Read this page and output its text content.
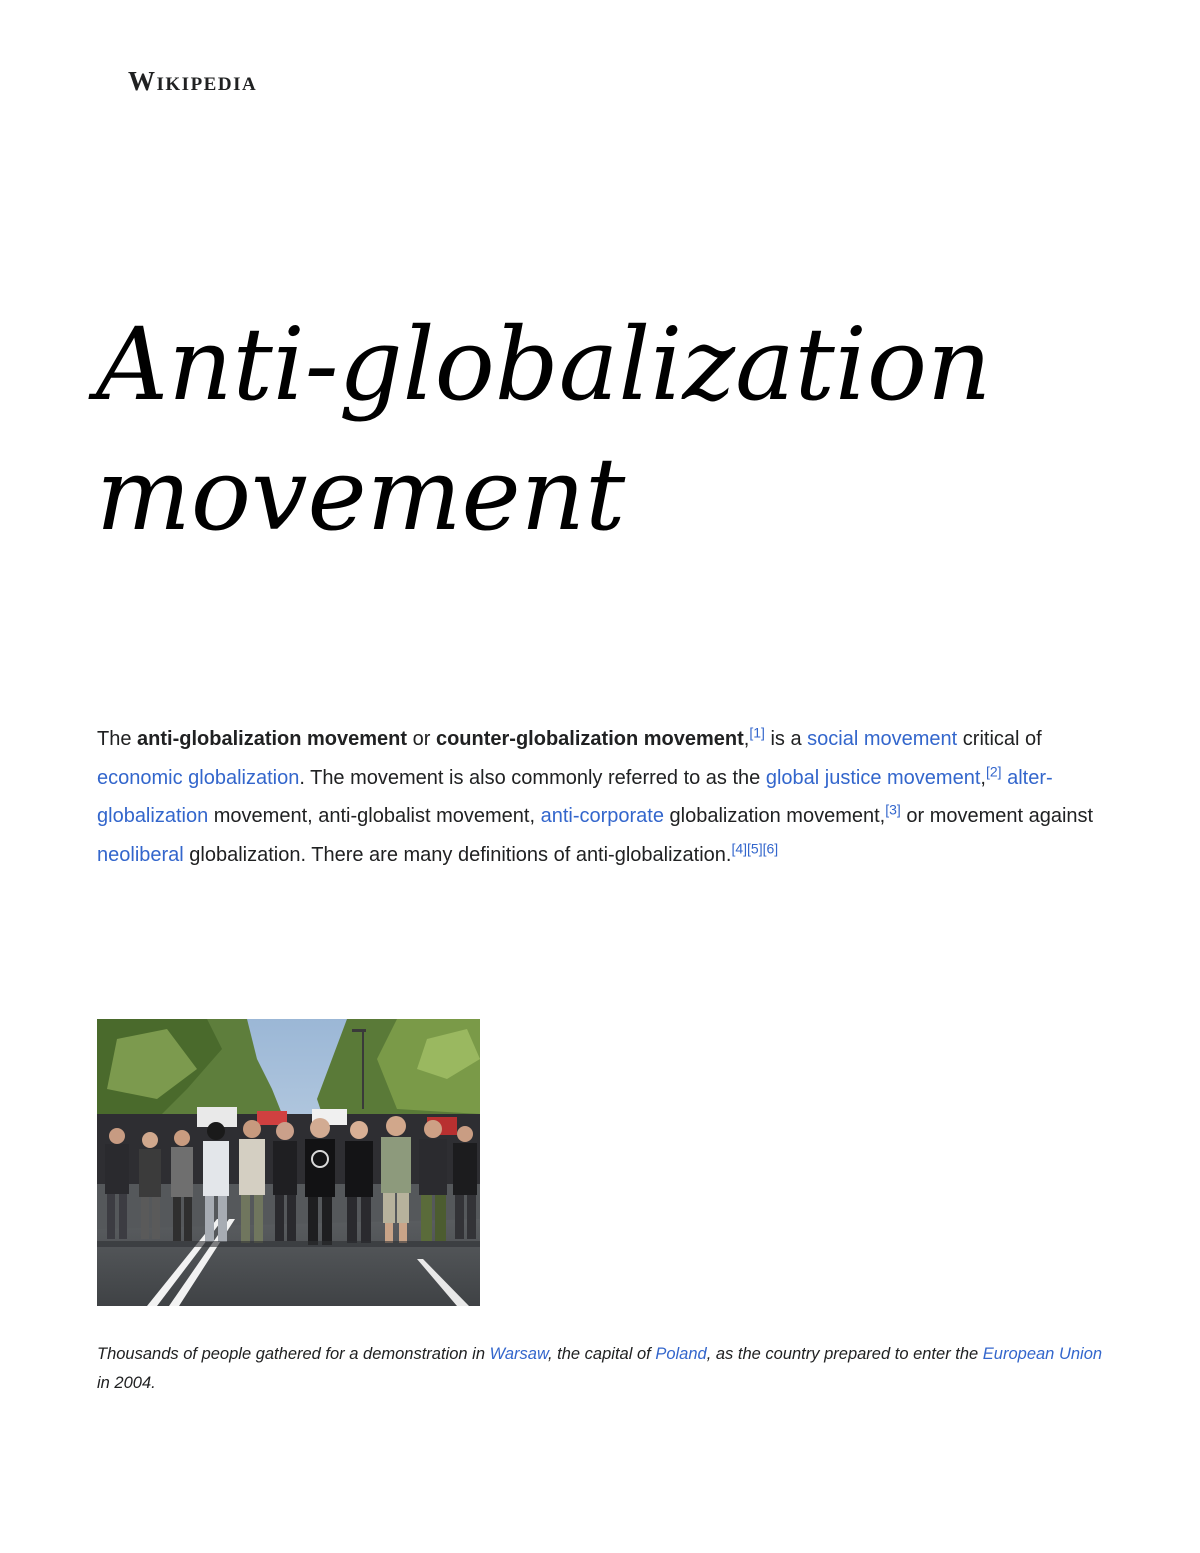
Wikipedia
Anti-globalization
movement

The anti-globalization movement or counter-globalization movement,[1] is a social movement critical of economic globalization. The movement is also commonly referred to as the global justice movement,[2] alter-globalization movement, anti-globalist movement, anti-corporate globalization movement,[3] or movement against neoliberal globalization. There are many definitions of anti-globalization.[4][5][6]

Thousands of people gathered for a demonstration in Warsaw, the capital of Poland, as the country prepared to enter the European Union in 2004.
